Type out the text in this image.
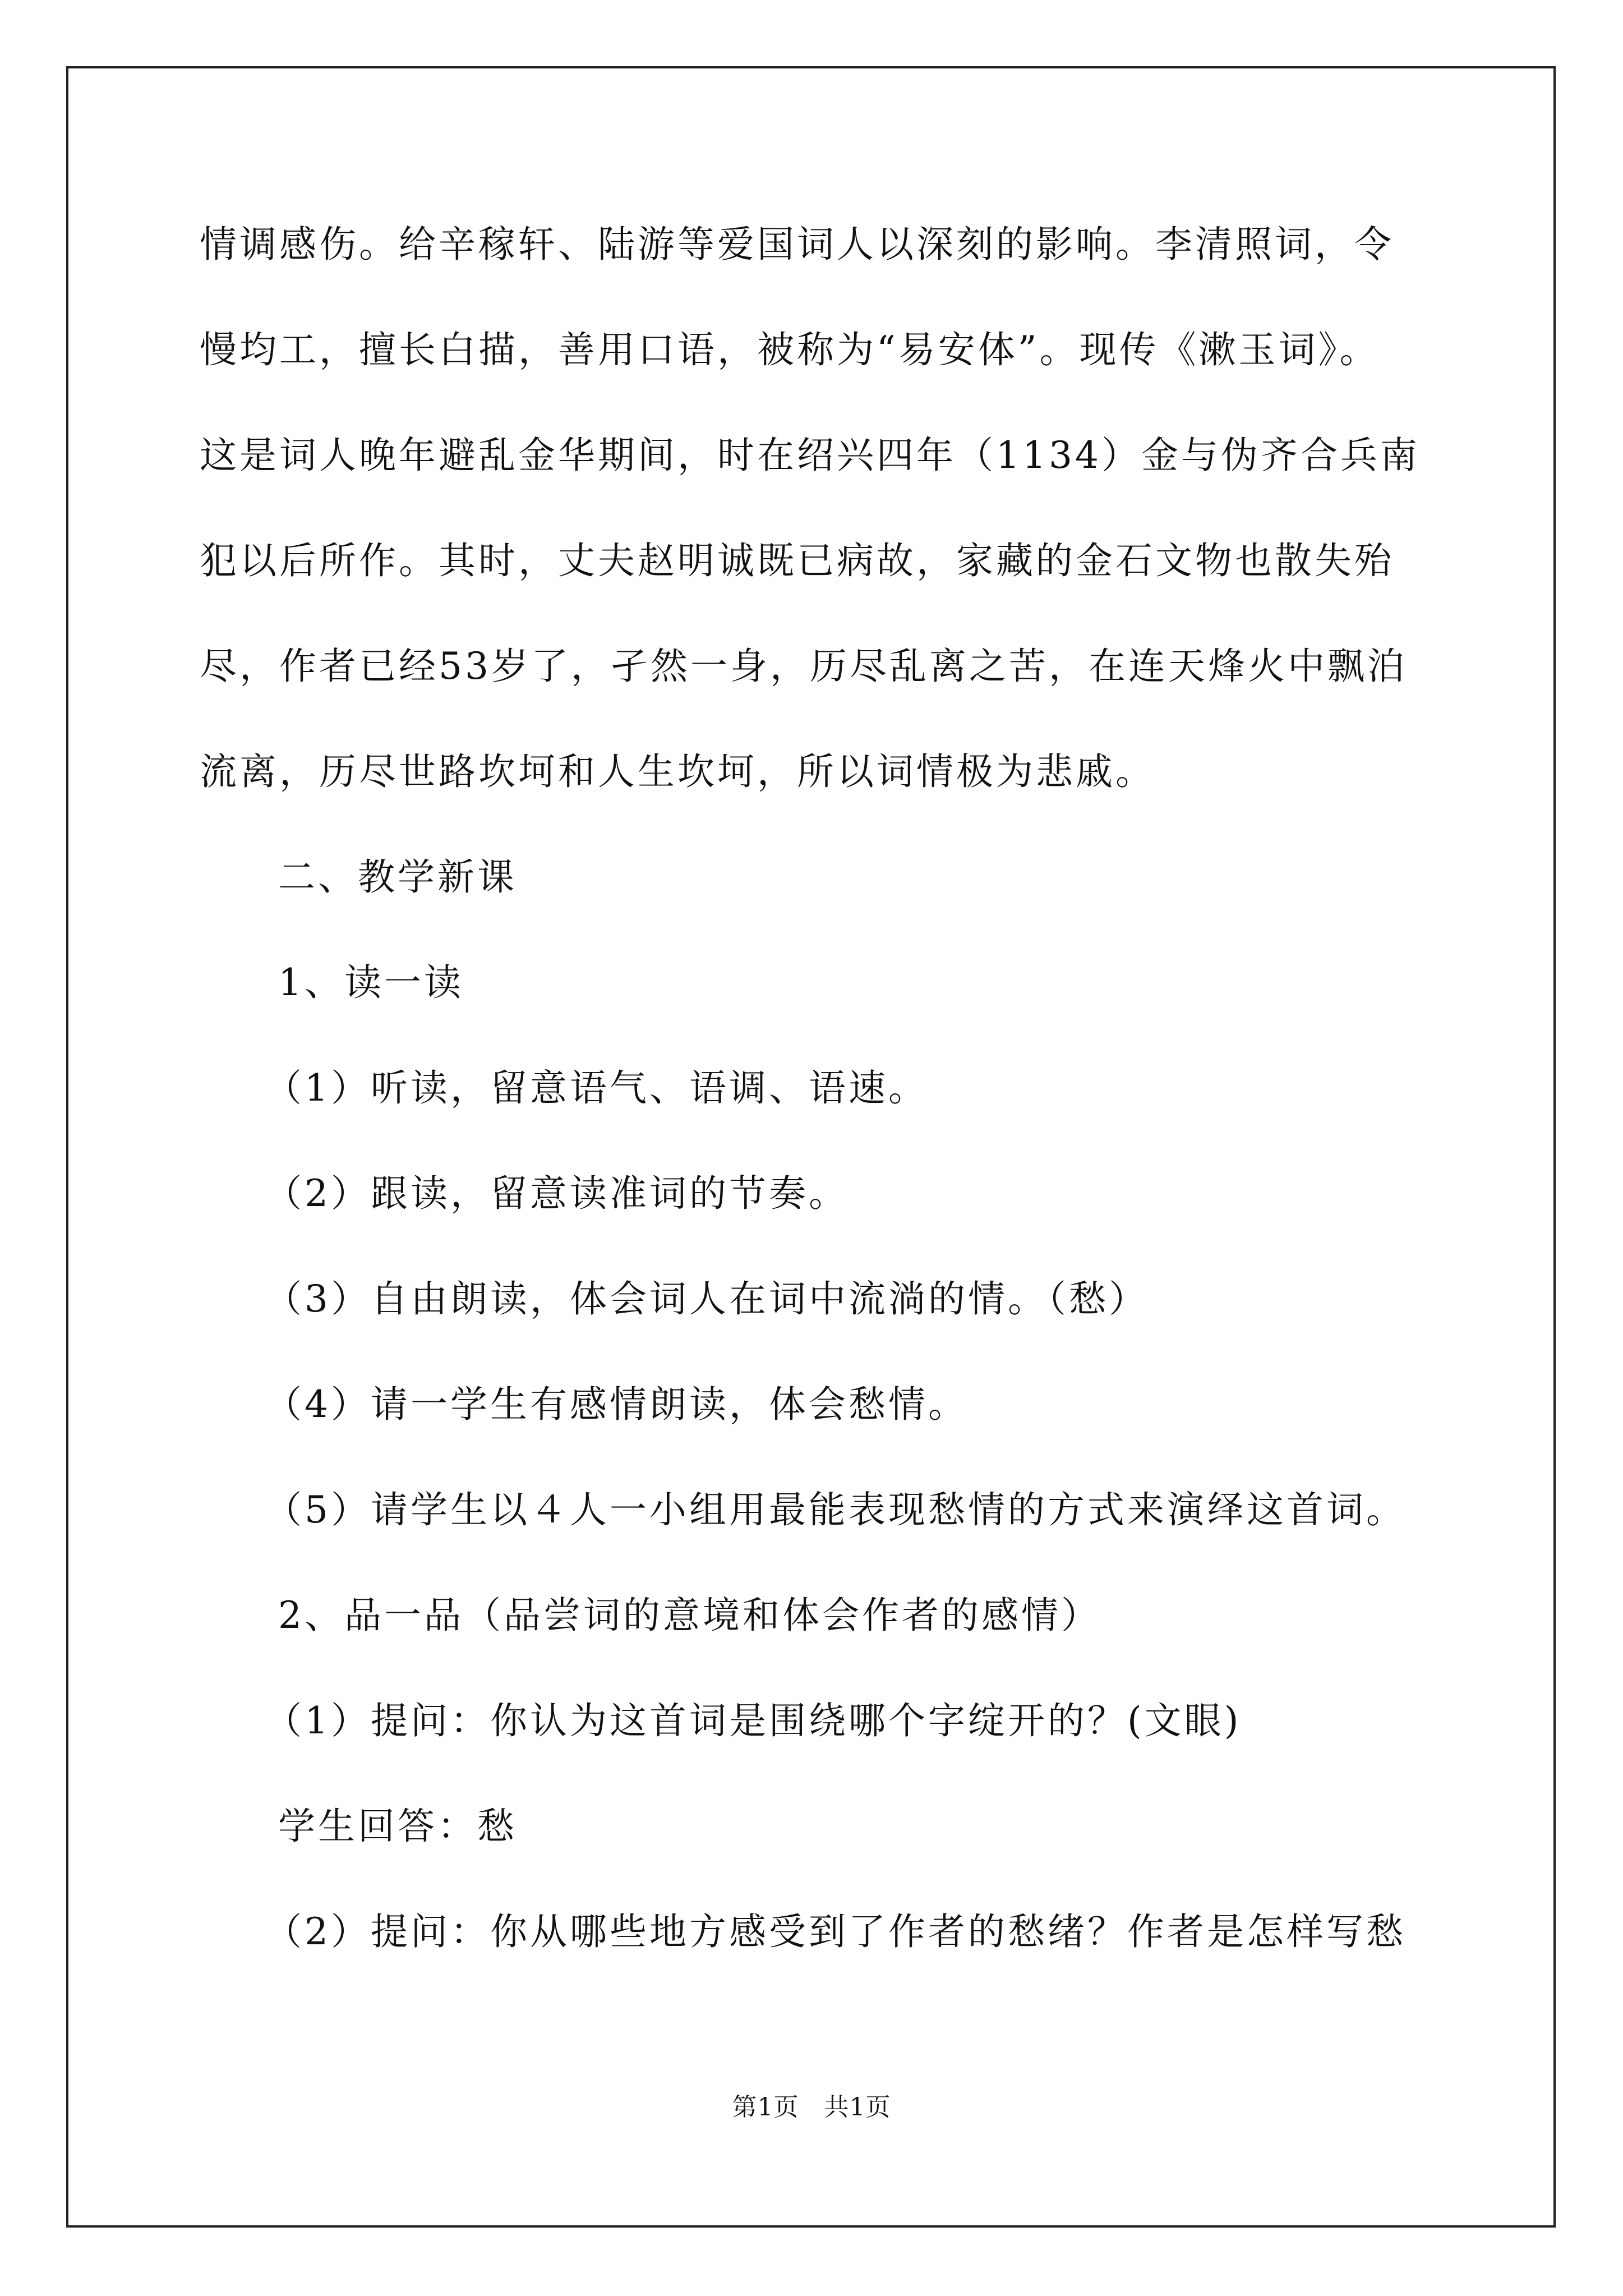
情调感伤。给辛稼轩、陆游等爱国词人以深刻的影响。李清照词，令
慢均工，擅长白描，善用口语，被称为“易安体”。现传《漱玉词》。
这是词人晚年避乱金华期间，时在绍兴四年（1134）金与伪齐合兵南
犯以后所作。其时，丈夫赵明诚既已病故，家藏的金石文物也散失殆
尽，作者已经53岁了，孑然一身，历尽乱离之苦，在连天烽火中飘泊
流离，历尽世路坎坷和人生坎坷，所以词情极为悲戚。
二、教学新课
1、读一读
（1）听读，留意语气、语调、语速。
（2）跟读，留意读准词的节奏。
（3）自由朗读，体会词人在词中流淌的情。（愁）
（4）请一学生有感情朗读，体会愁情。
（5）请学生以４人一小组用最能表现愁情的方式来演绎这首词。
2、品一品（品尝词的意境和体会作者的感情）
（1）提问：你认为这首词是围绕哪个字绽开的？(文眼)
学生回答：愁
（2）提问：你从哪些地方感受到了作者的愁绪？作者是怎样写愁
第1页　共1页
